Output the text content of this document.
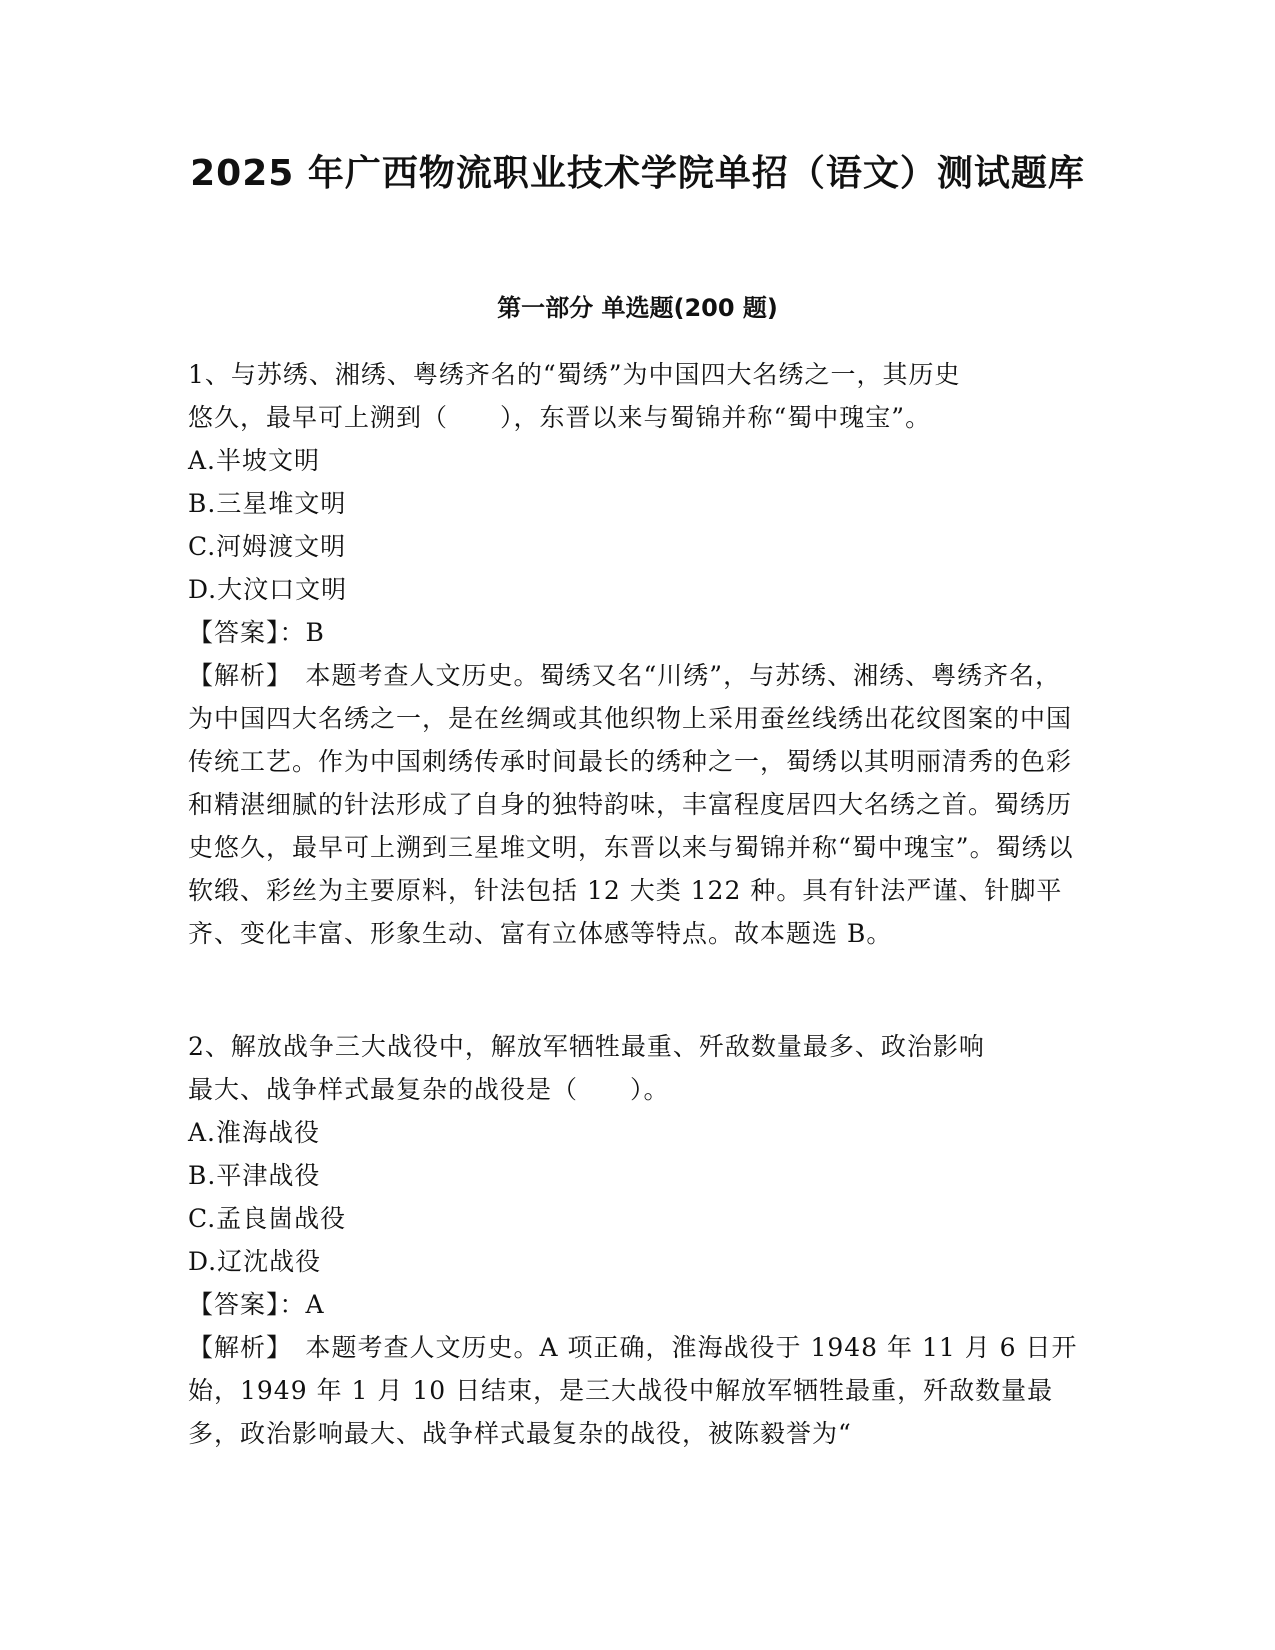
2025 年广西物流职业技术学院单招（语文）测试题库
第一部分 单选题(200 题)
1、与苏绣、湘绣、粤绣齐名的“蜀绣”为中国四大名绣之一，其历史
悠久，最早可上溯到（　　），东晋以来与蜀锦并称“蜀中瑰宝”。
A.半坡文明
B.三星堆文明
C.河姆渡文明
D.大汶口文明
【答案】：B
【解析】　本题考查人文历史。蜀绣又名“川绣”，与苏绣、湘绣、粤绣齐名，为中国四大名绣之一，是在丝绸或其他织物上采用蚕丝线绣出花纹图案的中国传统工艺。作为中国刺绣传承时间最长的绣种之一，蜀绣以其明丽清秀的色彩和精湛细腻的针法形成了自身的独特韵味，丰富程度居四大名绣之首。蜀绣历史悠久，最早可上溯到三星堆文明，东晋以来与蜀锦并称“蜀中瑰宝”。蜀绣以软缎、彩丝为主要原料，针法包括 12 大类 122 种。具有针法严谨、针脚平齐、变化丰富、形象生动、富有立体感等特点。故本题选 B。
2、解放战争三大战役中，解放军牺牲最重、歼敌数量最多、政治影响
最大、战争样式最复杂的战役是（　　）。
A.淮海战役
B.平津战役
C.孟良崮战役
D.辽沈战役
【答案】：A
【解析】　本题考查人文历史。A 项正确，淮海战役于 1948 年 11 月 6 日开始，1949 年 1 月 10 日结束，是三大战役中解放军牺牲最重，歼敌数量最多，政治影响最大、战争样式最复杂的战役，被陈毅誉为“
